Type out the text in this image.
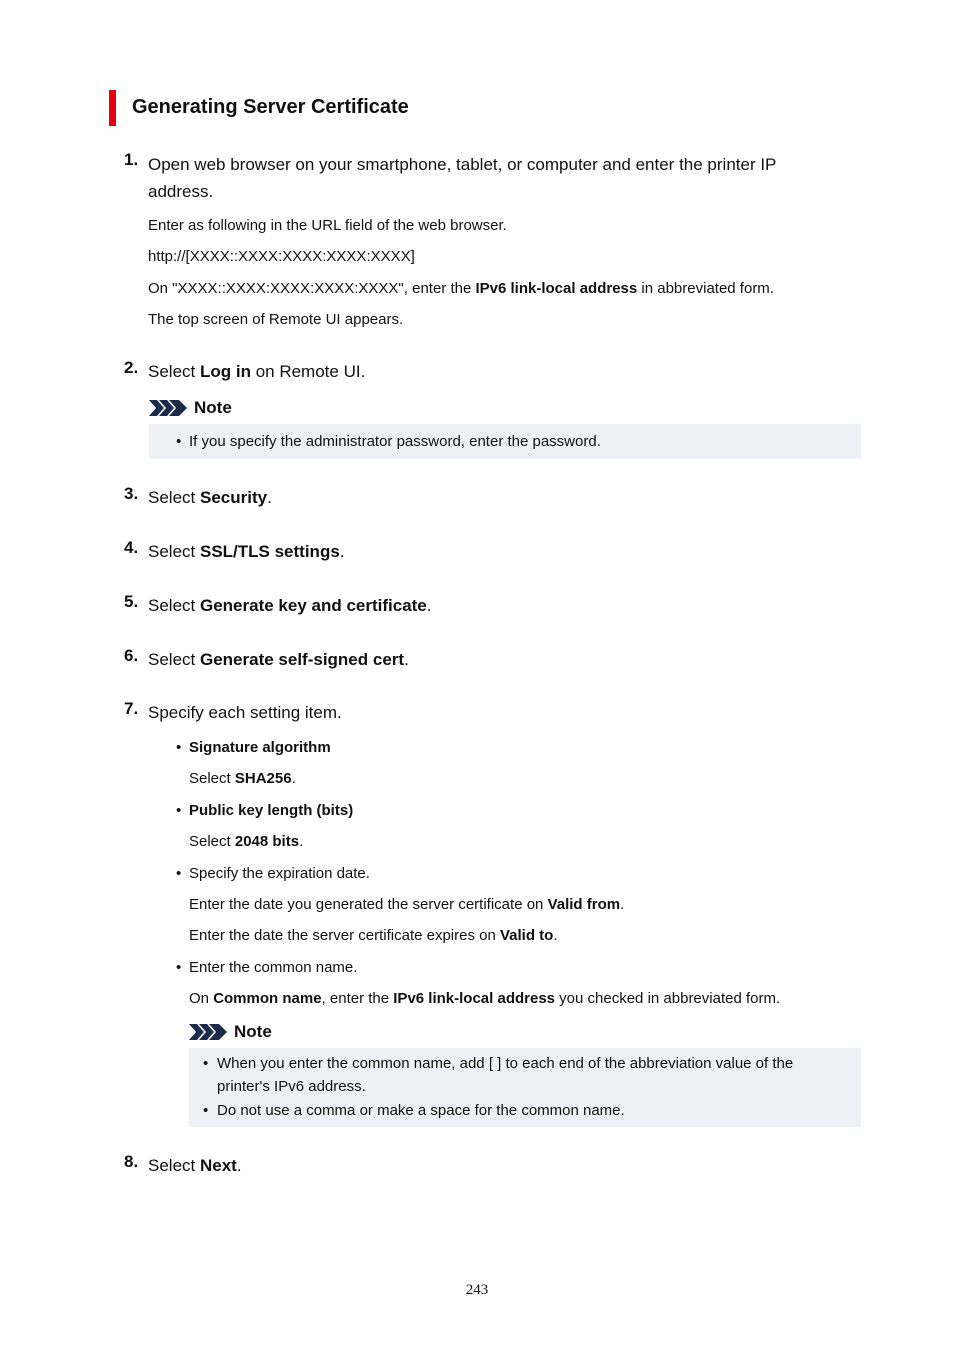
Generating Server Certificate
1. Open web browser on your smartphone, tablet, or computer and enter the printer IP address.
Enter as following in the URL field of the web browser.
http://[XXXX::XXXX:XXXX:XXXX:XXXX]
On "XXXX::XXXX:XXXX:XXXX:XXXX", enter the IPv6 link-local address in abbreviated form.
The top screen of Remote UI appears.
2. Select Log in on Remote UI.
Note
• If you specify the administrator password, enter the password.
3. Select Security.
4. Select SSL/TLS settings.
5. Select Generate key and certificate.
6. Select Generate self-signed cert.
7. Specify each setting item.
• Signature algorithm
Select SHA256.
• Public key length (bits)
Select 2048 bits.
• Specify the expiration date.
Enter the date you generated the server certificate on Valid from.
Enter the date the server certificate expires on Valid to.
• Enter the common name.
On Common name, enter the IPv6 link-local address you checked in abbreviated form.
Note
• When you enter the common name, add [ ] to each end of the abbreviation value of the printer's IPv6 address.
• Do not use a comma or make a space for the common name.
8. Select Next.
243
